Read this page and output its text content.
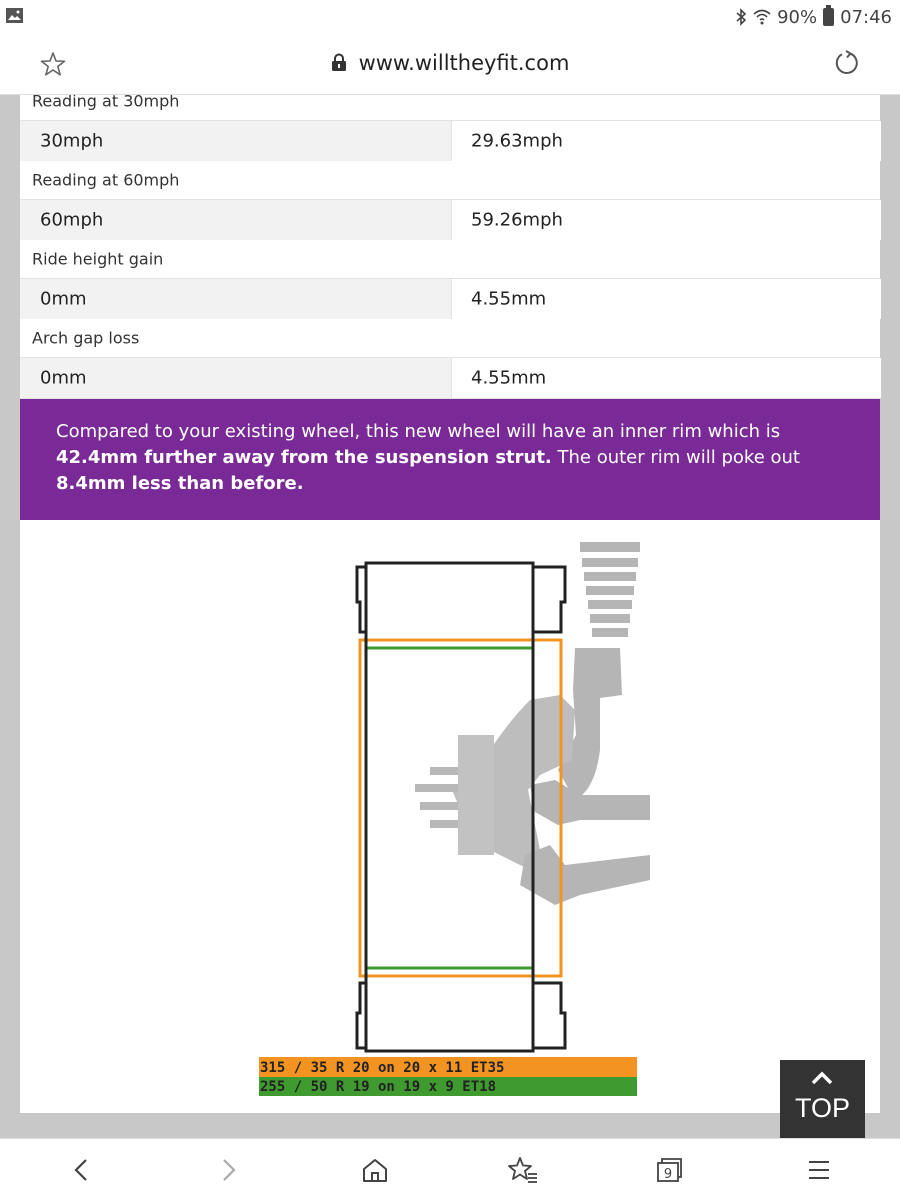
90% 07:46
www.willtheyfit.com
Reading at 30mph
30mph	29.63mph
Reading at 60mph
60mph	59.26mph
Ride height gain
0mm	4.55mm
Arch gap loss
0mm	4.55mm

Compared to your existing wheel, this new wheel will have an inner rim which is 42.4mm further away from the suspension strut. The outer rim will poke out 8.4mm less than before.

315 / 35 R 20 on 20 x 11 ET35
255 / 50 R 19 on 19 x 9 ET18
TOP
9
